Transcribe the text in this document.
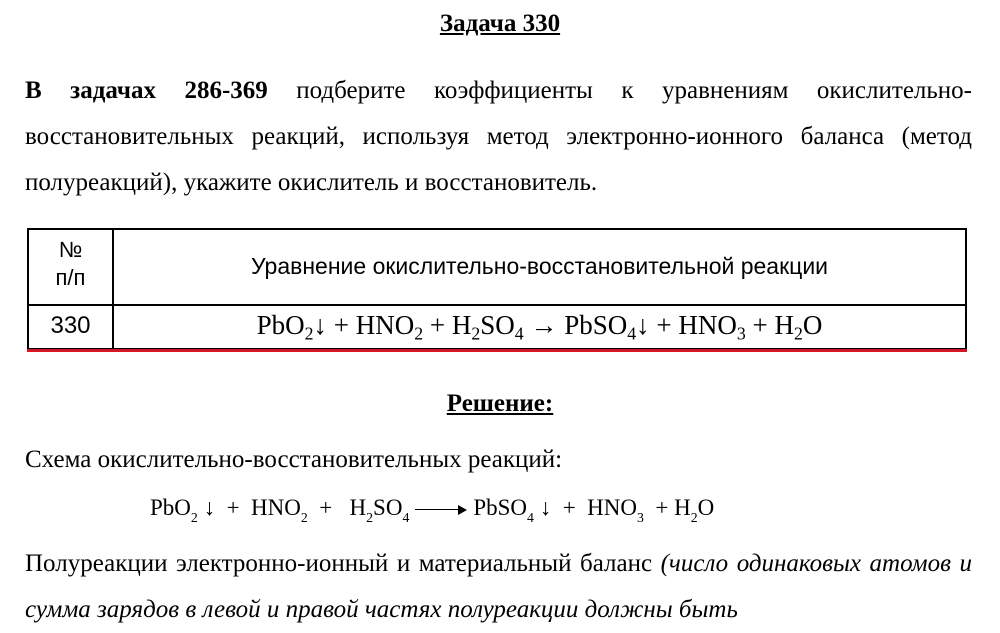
Задача 330
В задачах 286-369 подберите коэффициенты к уравнениям окислительно-восстановительных реакций, используя метод электронно-ионного баланса (метод полуреакций), укажите окислитель и восстановитель.
№
п/п	Уравнение окислительно-восстановительной реакции
330	PbO$_2$↓ + $HNO_2 + H_2SO_4$ → PbSO$_4$↓ + $HNO_3 + H_2O$
Решение:
Схема окислительно-восстановительных реакций:
PbO$_2$ ↓  +  $HNO_2 + H_2SO_4$	PbSO$_4$ ↓  +  $HNO_3 + H_2O$
Полуреакции электронно-ионный и материальный баланс (число одинаковых атомов и сумма зарядов в левой и правой частях полуреакции должны быть
